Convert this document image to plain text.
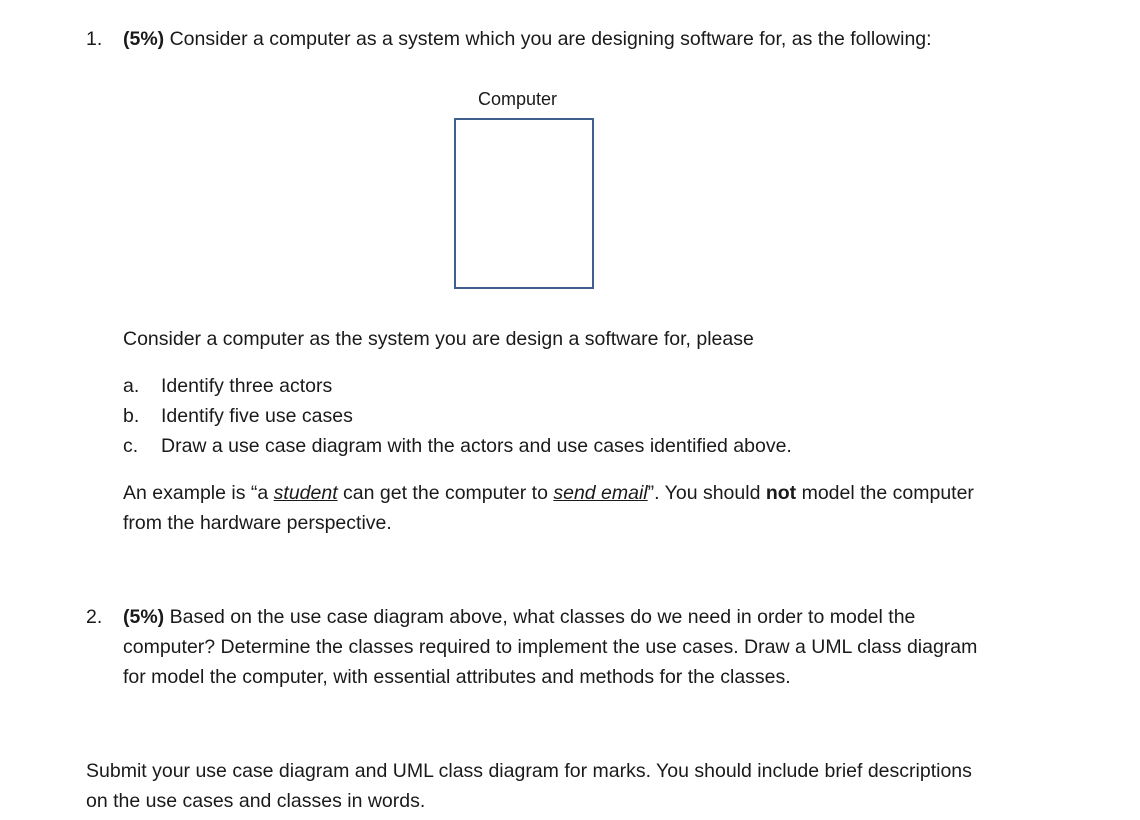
1. (5%) Consider a computer as a system which you are designing software for, as the following:
Computer
Consider a computer as the system you are design a software for, please
a. Identify three actors
b. Identify five use cases
c. Draw a use case diagram with the actors and use cases identified above.
An example is “a student can get the computer to send email”. You should not model the computer
from the hardware perspective.
2. (5%) Based on the use case diagram above, what classes do we need in order to model the
computer? Determine the classes required to implement the use cases. Draw a UML class diagram
for model the computer, with essential attributes and methods for the classes.
Submit your use case diagram and UML class diagram for marks. You should include brief descriptions
on the use cases and classes in words.
